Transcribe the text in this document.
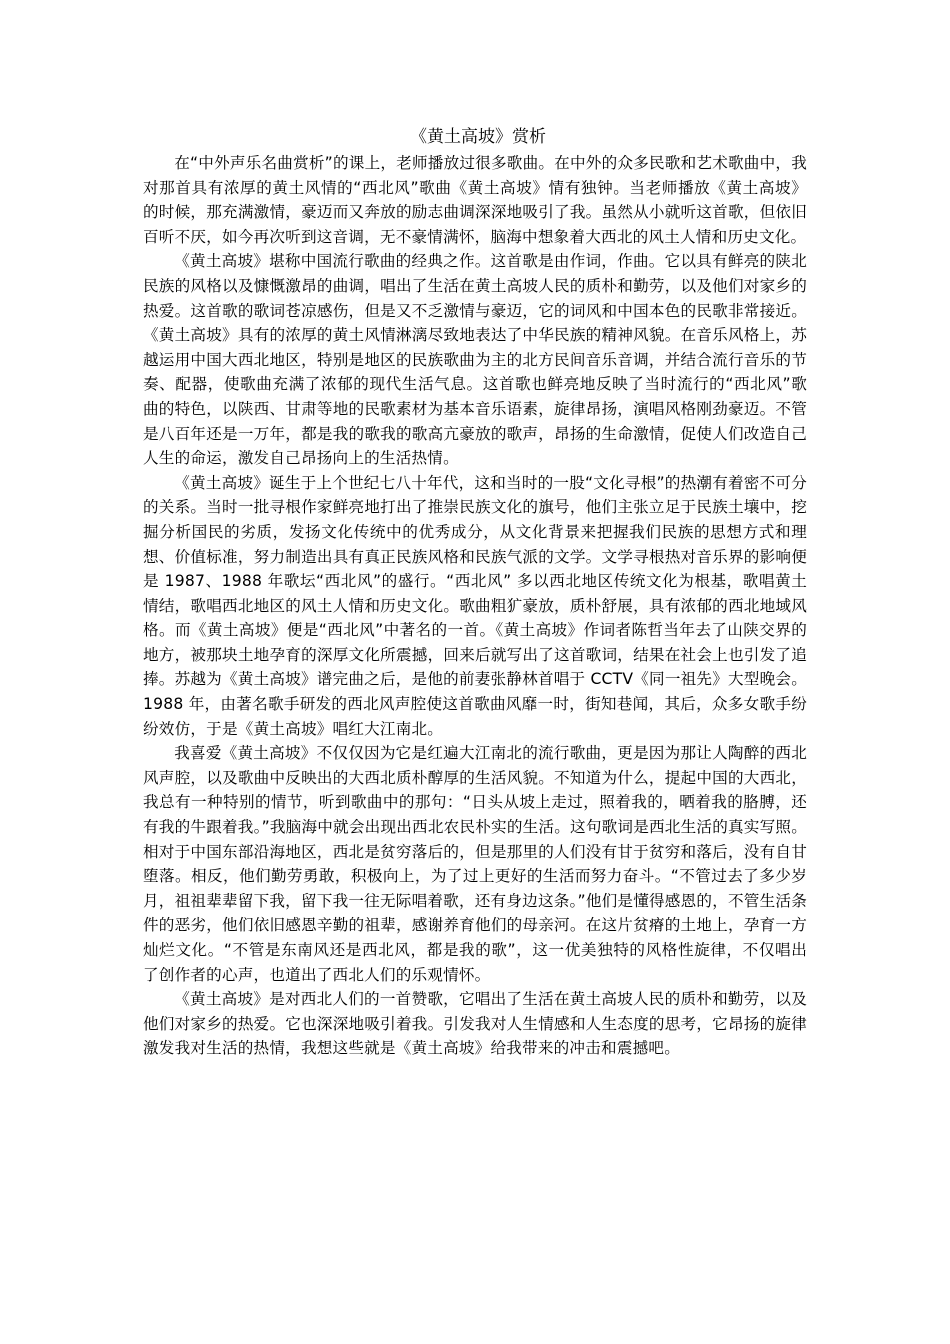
《黄土高坡》赏析

在“中外声乐名曲赏析”的课上，老师播放过很多歌曲。在中外的众多民歌和艺术歌曲中，我对那首具有浓厚的黄土风情的“西北风”歌曲《黄土高坡》情有独钟。当老师播放《黄土高坡》的时候，那充满激情，豪迈而又奔放的励志曲调深深地吸引了我。虽然从小就听这首歌，但依旧百听不厌，如今再次听到这音调，无不豪情满怀，脑海中想象着大西北的风土人情和历史文化。

《黄土高坡》堪称中国流行歌曲的经典之作。这首歌是由作词，作曲。它以具有鲜亮的陕北民族的风格以及慷慨激昂的曲调，唱出了生活在黄土高坡人民的质朴和勤劳，以及他们对家乡的热爱。这首歌的歌词苍凉感伤，但是又不乏激情与豪迈，它的词风和中国本色的民歌非常接近。《黄土高坡》具有的浓厚的黄土风情淋漓尽致地表达了中华民族的精神风貌。在音乐风格上，苏越运用中国大西北地区，特别是地区的民族歌曲为主的北方民间音乐音调，并结合流行音乐的节奏、配器，使歌曲充满了浓郁的现代生活气息。这首歌也鲜亮地反映了当时流行的“西北风”歌曲的特色，以陕西、甘肃等地的民歌素材为基本音乐语素，旋律昂扬，演唱风格刚劲豪迈。不管是八百年还是一万年，都是我的歌我的歌高亢豪放的歌声，昂扬的生命激情，促使人们改造自己人生的命运，激发自己昂扬向上的生活热情。

《黄土高坡》诞生于上个世纪七八十年代，这和当时的一股“文化寻根”的热潮有着密不可分的关系。当时一批寻根作家鲜亮地打出了推崇民族文化的旗号，他们主张立足于民族土壤中，挖掘分析国民的劣质，发扬文化传统中的优秀成分，从文化背景来把握我们民族的思想方式和理想、价值标准，努力制造出具有真正民族风格和民族气派的文学。文学寻根热对音乐界的影响便是 1987、1988 年歌坛“西北风”的盛行。“西北风” 多以西北地区传统文化为根基，歌唱黄土情结，歌唱西北地区的风土人情和历史文化。歌曲粗犷豪放，质朴舒展，具有浓郁的西北地域风格。而《黄土高坡》便是“西北风”中著名的一首。《黄土高坡》作词者陈哲当年去了山陕交界的地方，被那块土地孕育的深厚文化所震撼，回来后就写出了这首歌词，结果在社会上也引发了追捧。苏越为《黄土高坡》谱完曲之后，是他的前妻张静林首唱于 CCTV《同一祖先》大型晚会。1988 年，由著名歌手研发的西北风声腔使这首歌曲风靡一时，街知巷闻，其后，众多女歌手纷纷效仿，于是《黄土高坡》唱红大江南北。

我喜爱《黄土高坡》不仅仅因为它是红遍大江南北的流行歌曲，更是因为那让人陶醉的西北风声腔，以及歌曲中反映出的大西北质朴醇厚的生活风貌。不知道为什么，提起中国的大西北，我总有一种特别的情节，听到歌曲中的那句：“日头从坡上走过，照着我的，晒着我的胳膊，还有我的牛跟着我。”我脑海中就会出现出西北农民朴实的生活。这句歌词是西北生活的真实写照。相对于中国东部沿海地区，西北是贫穷落后的，但是那里的人们没有甘于贫穷和落后，没有自甘堕落。相反，他们勤劳勇敢，积极向上，为了过上更好的生活而努力奋斗。“不管过去了多少岁月，祖祖辈辈留下我，留下我一往无际唱着歌，还有身边这条。”他们是懂得感恩的，不管生活条件的恶劣，他们依旧感恩辛勤的祖辈，感谢养育他们的母亲河。在这片贫瘠的土地上，孕育一方灿烂文化。“不管是东南风还是西北风，都是我的歌”，这一优美独特的风格性旋律，不仅唱出了创作者的心声，也道出了西北人们的乐观情怀。

《黄土高坡》是对西北人们的一首赞歌，它唱出了生活在黄土高坡人民的质朴和勤劳，以及他们对家乡的热爱。它也深深地吸引着我。引发我对人生情感和人生态度的思考，它昂扬的旋律激发我对生活的热情，我想这些就是《黄土高坡》给我带来的冲击和震撼吧。
